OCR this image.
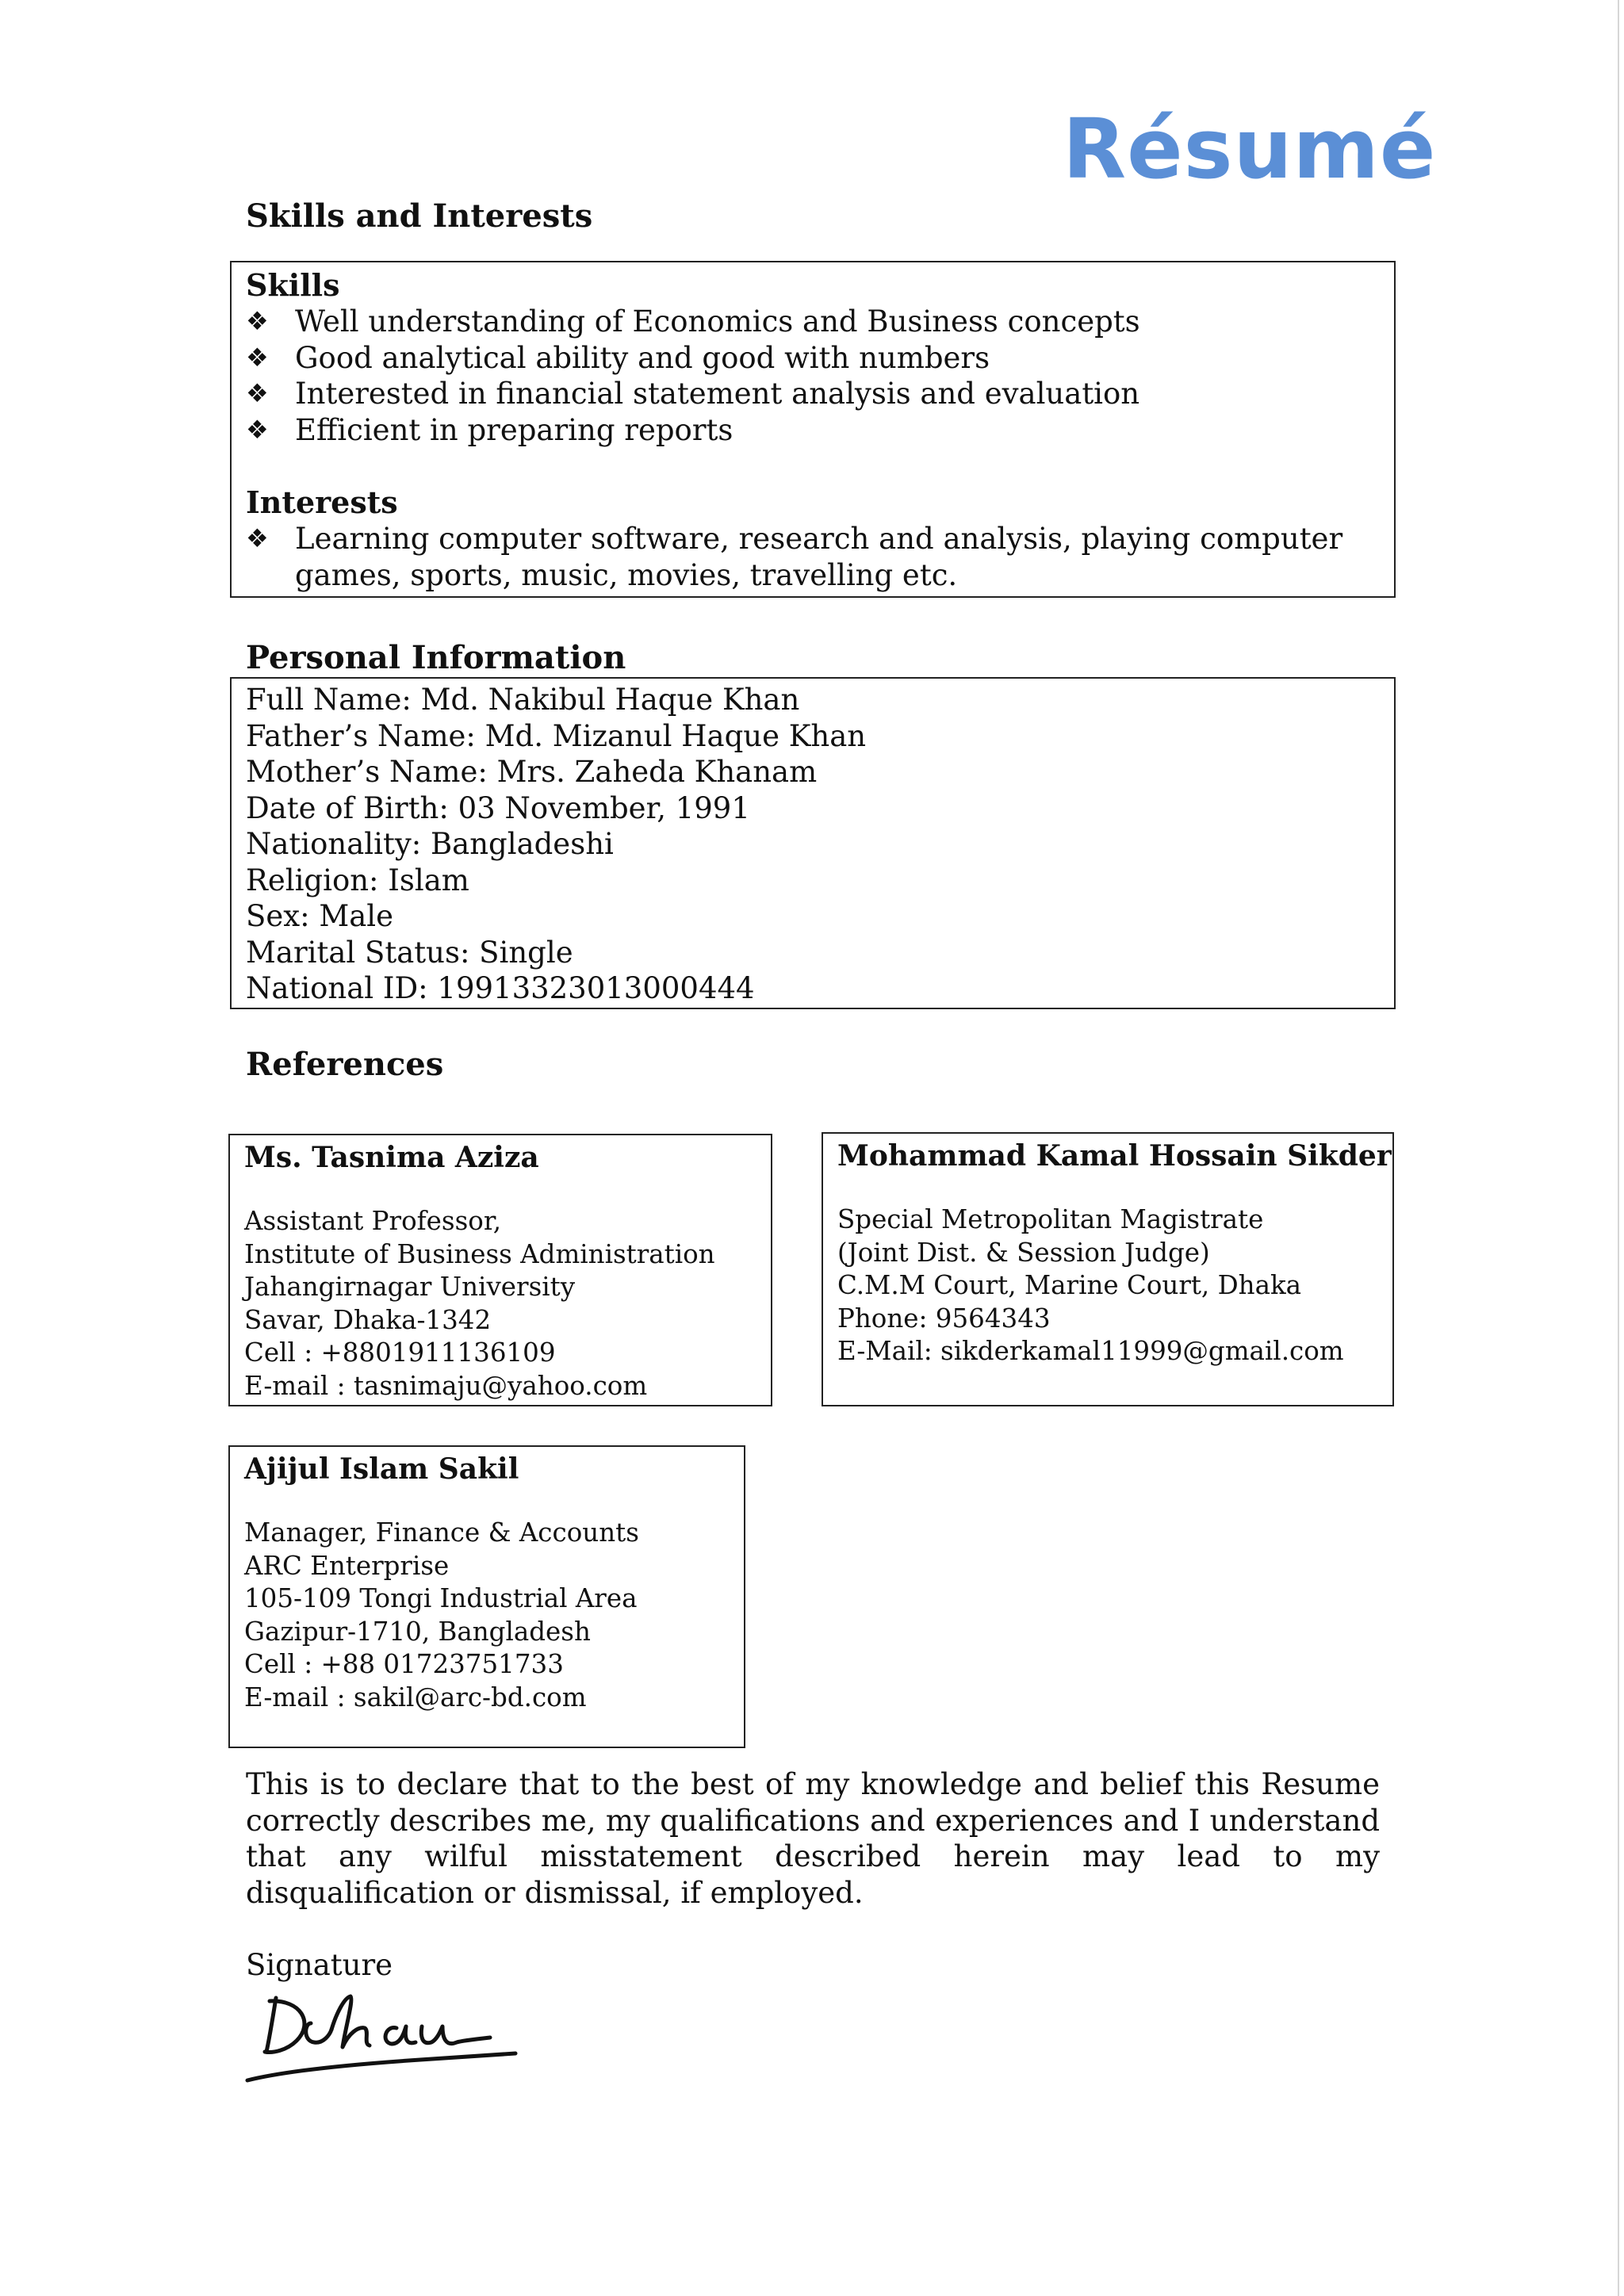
Résumé
Skills and Interests
Skills
❖ Well understanding of Economics and Business concepts
❖ Good analytical ability and good with numbers
❖ Interested in financial statement analysis and evaluation
❖ Efficient in preparing reports
Interests
❖ Learning computer software, research and analysis, playing computer games, sports, music, movies, travelling etc.
Personal Information
Full Name: Md. Nakibul Haque Khan
Father’s Name: Md. Mizanul Haque Khan
Mother’s Name: Mrs. Zaheda Khanam
Date of Birth: 03 November, 1991
Nationality: Bangladeshi
Religion: Islam
Sex: Male
Marital Status: Single
National ID: 19913323013000444
References
Ms. Tasnima Aziza
Assistant Professor,
Institute of Business Administration
Jahangirnagar University
Savar, Dhaka-1342
Cell : +8801911136109
E-mail : tasnimaju@yahoo.com
Mohammad Kamal Hossain Sikder
Special Metropolitan Magistrate
(Joint Dist. & Session Judge)
C.M.M Court, Marine Court, Dhaka
Phone: 9564343
E-Mail: sikderkamal11999@gmail.com
Ajijul Islam Sakil
Manager, Finance & Accounts
ARC Enterprise
105-109 Tongi Industrial Area
Gazipur-1710, Bangladesh
Cell : +88 01723751733
E-mail : sakil@arc-bd.com
This is to declare that to the best of my knowledge and belief this Resume correctly describes me, my qualifications and experiences and I understand that any wilful misstatement described herein may lead to my disqualification or dismissal, if employed.
Signature
